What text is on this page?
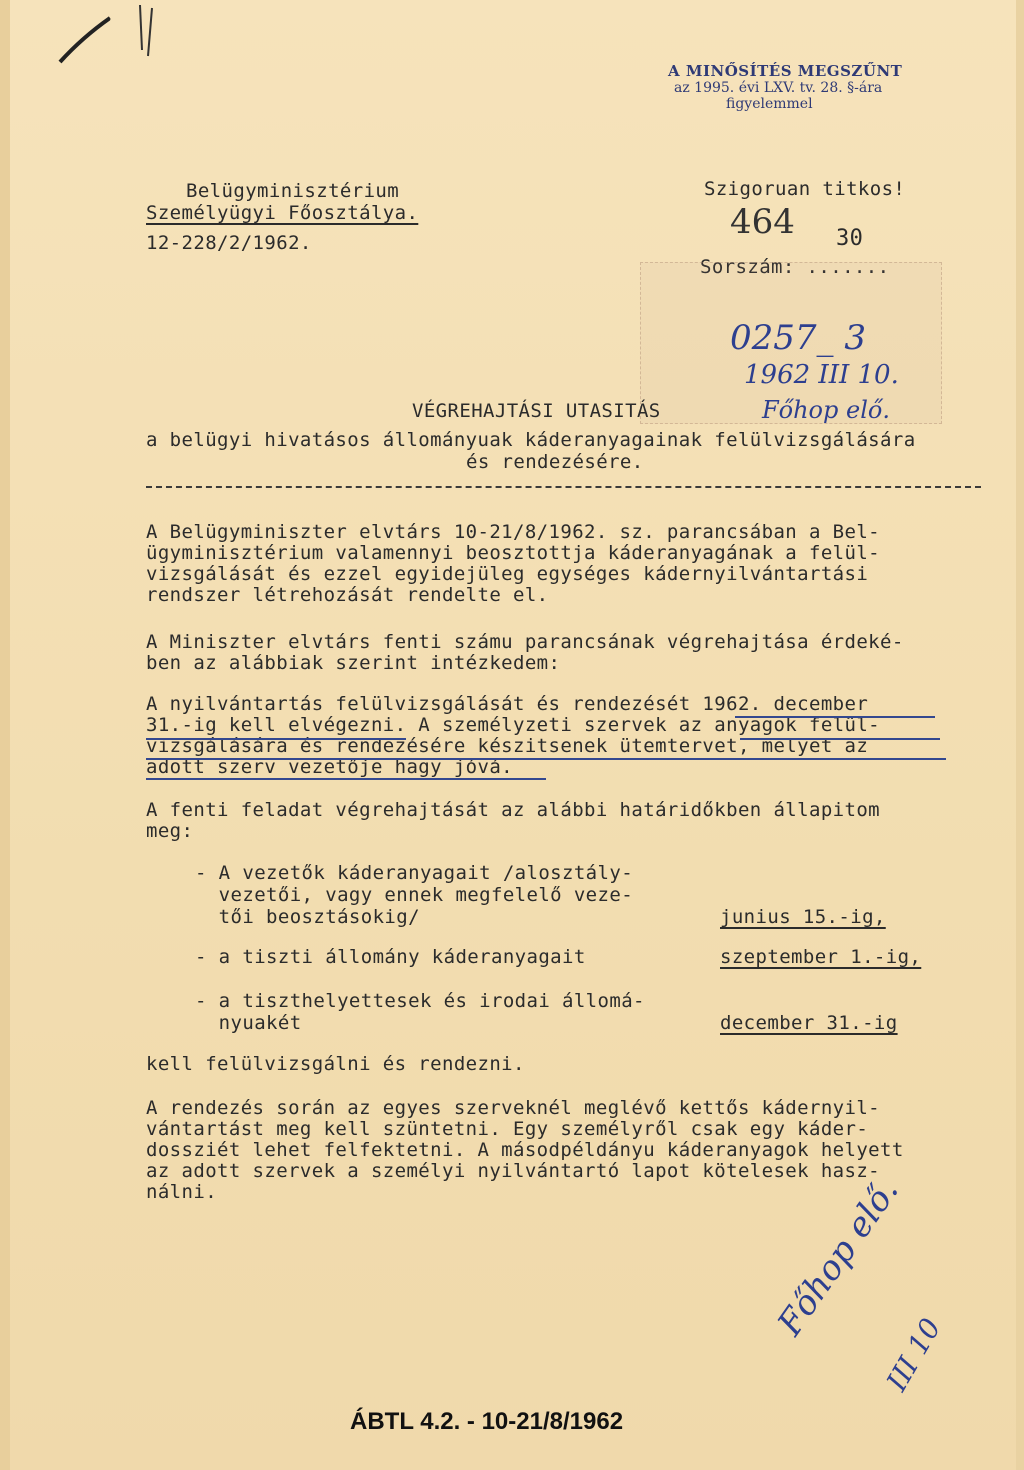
A MINŐSÍTÉS MEGSZŰNT
az 1995. évi LXV. tv. 28. §-ára
figyelemmel
Belügyminisztérium
Személyügyi Főosztálya.
12-228/2/1962.
Szigoruan titkos!
464 30
Sorszám: .......
0257_ 3
1962 III 10.
Főhop elő.
VÉGREHAJTÁSI UTASITÁS
a belügyi hivatásos állományuak káderanyagainak felülvizsgálására
és rendezésére.
A Belügyminiszter elvtárs 10-21/8/1962. sz. parancsában a Bel-
ügyminisztérium valamennyi beosztottja káderanyagának a felül-
vizsgálását és ezzel egyidejüleg egységes kádernyilvántartási
rendszer létrehozását rendelte el.
A Miniszter elvtárs fenti számu parancsának végrehajtása érdeké-
ben az alábbiak szerint intézkedem:
A nyilvántartás felülvizsgálását és rendezését 1962. december
31.-ig kell elvégezni. A személyzeti szervek az anyagok felül-
vizsgálására és rendezésére készitsenek ütemtervet, melyet az
adott szerv vezetője hagy jóvá.
A fenti feladat végrehajtását az alábbi határidőkben állapitom
meg:
- A vezetők káderanyagait /alosztály-
vezetői, vagy ennek megfelelő veze-
tői beosztásokig/	junius 15.-ig,
- a tiszti állomány káderanyagait	szeptember 1.-ig,
- a tiszthelyettesek és irodai állomá-
nyuakét	december 31.-ig
kell felülvizsgálni és rendezni.
A rendezés során az egyes szerveknél meglévő kettős kádernyil-
vántartást meg kell szüntetni. Egy személyről csak egy káder-
dossziét lehet felfektetni. A másodpéldányu káderanyagok helyett
az adott szervek a személyi nyilvántartó lapot kötelesek hasz-
nálni.	Főhop elő.
III 10
ÁBTL 4.2. - 10-21/8/1962
